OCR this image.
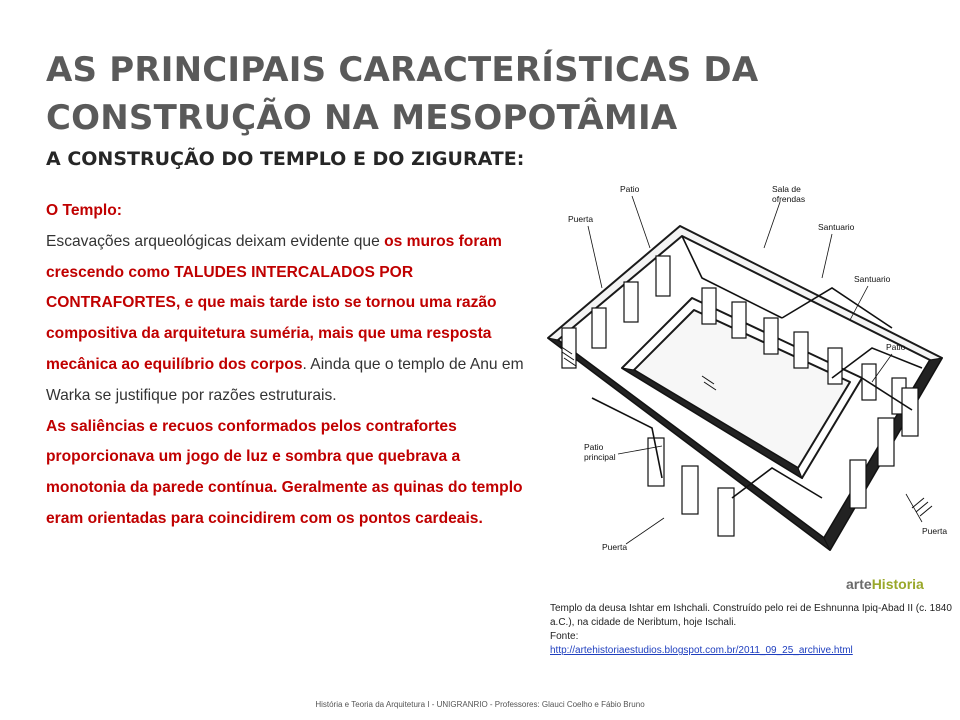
AS PRINCIPAIS CARACTERÍSTICAS DA
CONSTRUÇÃO NA MESOPOTÂMIA
A CONSTRUÇÃO DO TEMPLO E DO ZIGURATE:

O Templo:

Escavações arqueológicas deixam evidente que os muros foram crescendo como TALUDES INTERCALADOS POR CONTRAFORTES, e que mais tarde isto se tornou uma razão compositiva da arquitetura suméria, mais que uma resposta mecânica ao equilíbrio dos corpos. Ainda que o templo de Anu em Warka se justifique por razões estruturais.

As saliências e recuos conformados pelos contrafortes proporcionava um jogo de luz e sombra que quebrava a monotonia da parede contínua. Geralmente as quinas do templo eram orientadas para coincidirem com os pontos cardeais.

Patio	Sala de
ofrendas
Puerta
Santuario
Santuario
Patio
Patio
principal
Puerta
Puerta
arteHistoria
Templo da deusa Ishtar em Ishchali. Construído pelo rei de Eshnunna Ipiq-Abad II (c. 1840 a.C.), na cidade de Neribtum, hoje Ischali.
Fonte:
http://artehistoriaestudios.blogspot.com.br/2011_09_25_archive.html
História e Teoria da Arquitetura I - UNIGRANRIO - Professores: Glauci Coelho e Fábio Bruno
